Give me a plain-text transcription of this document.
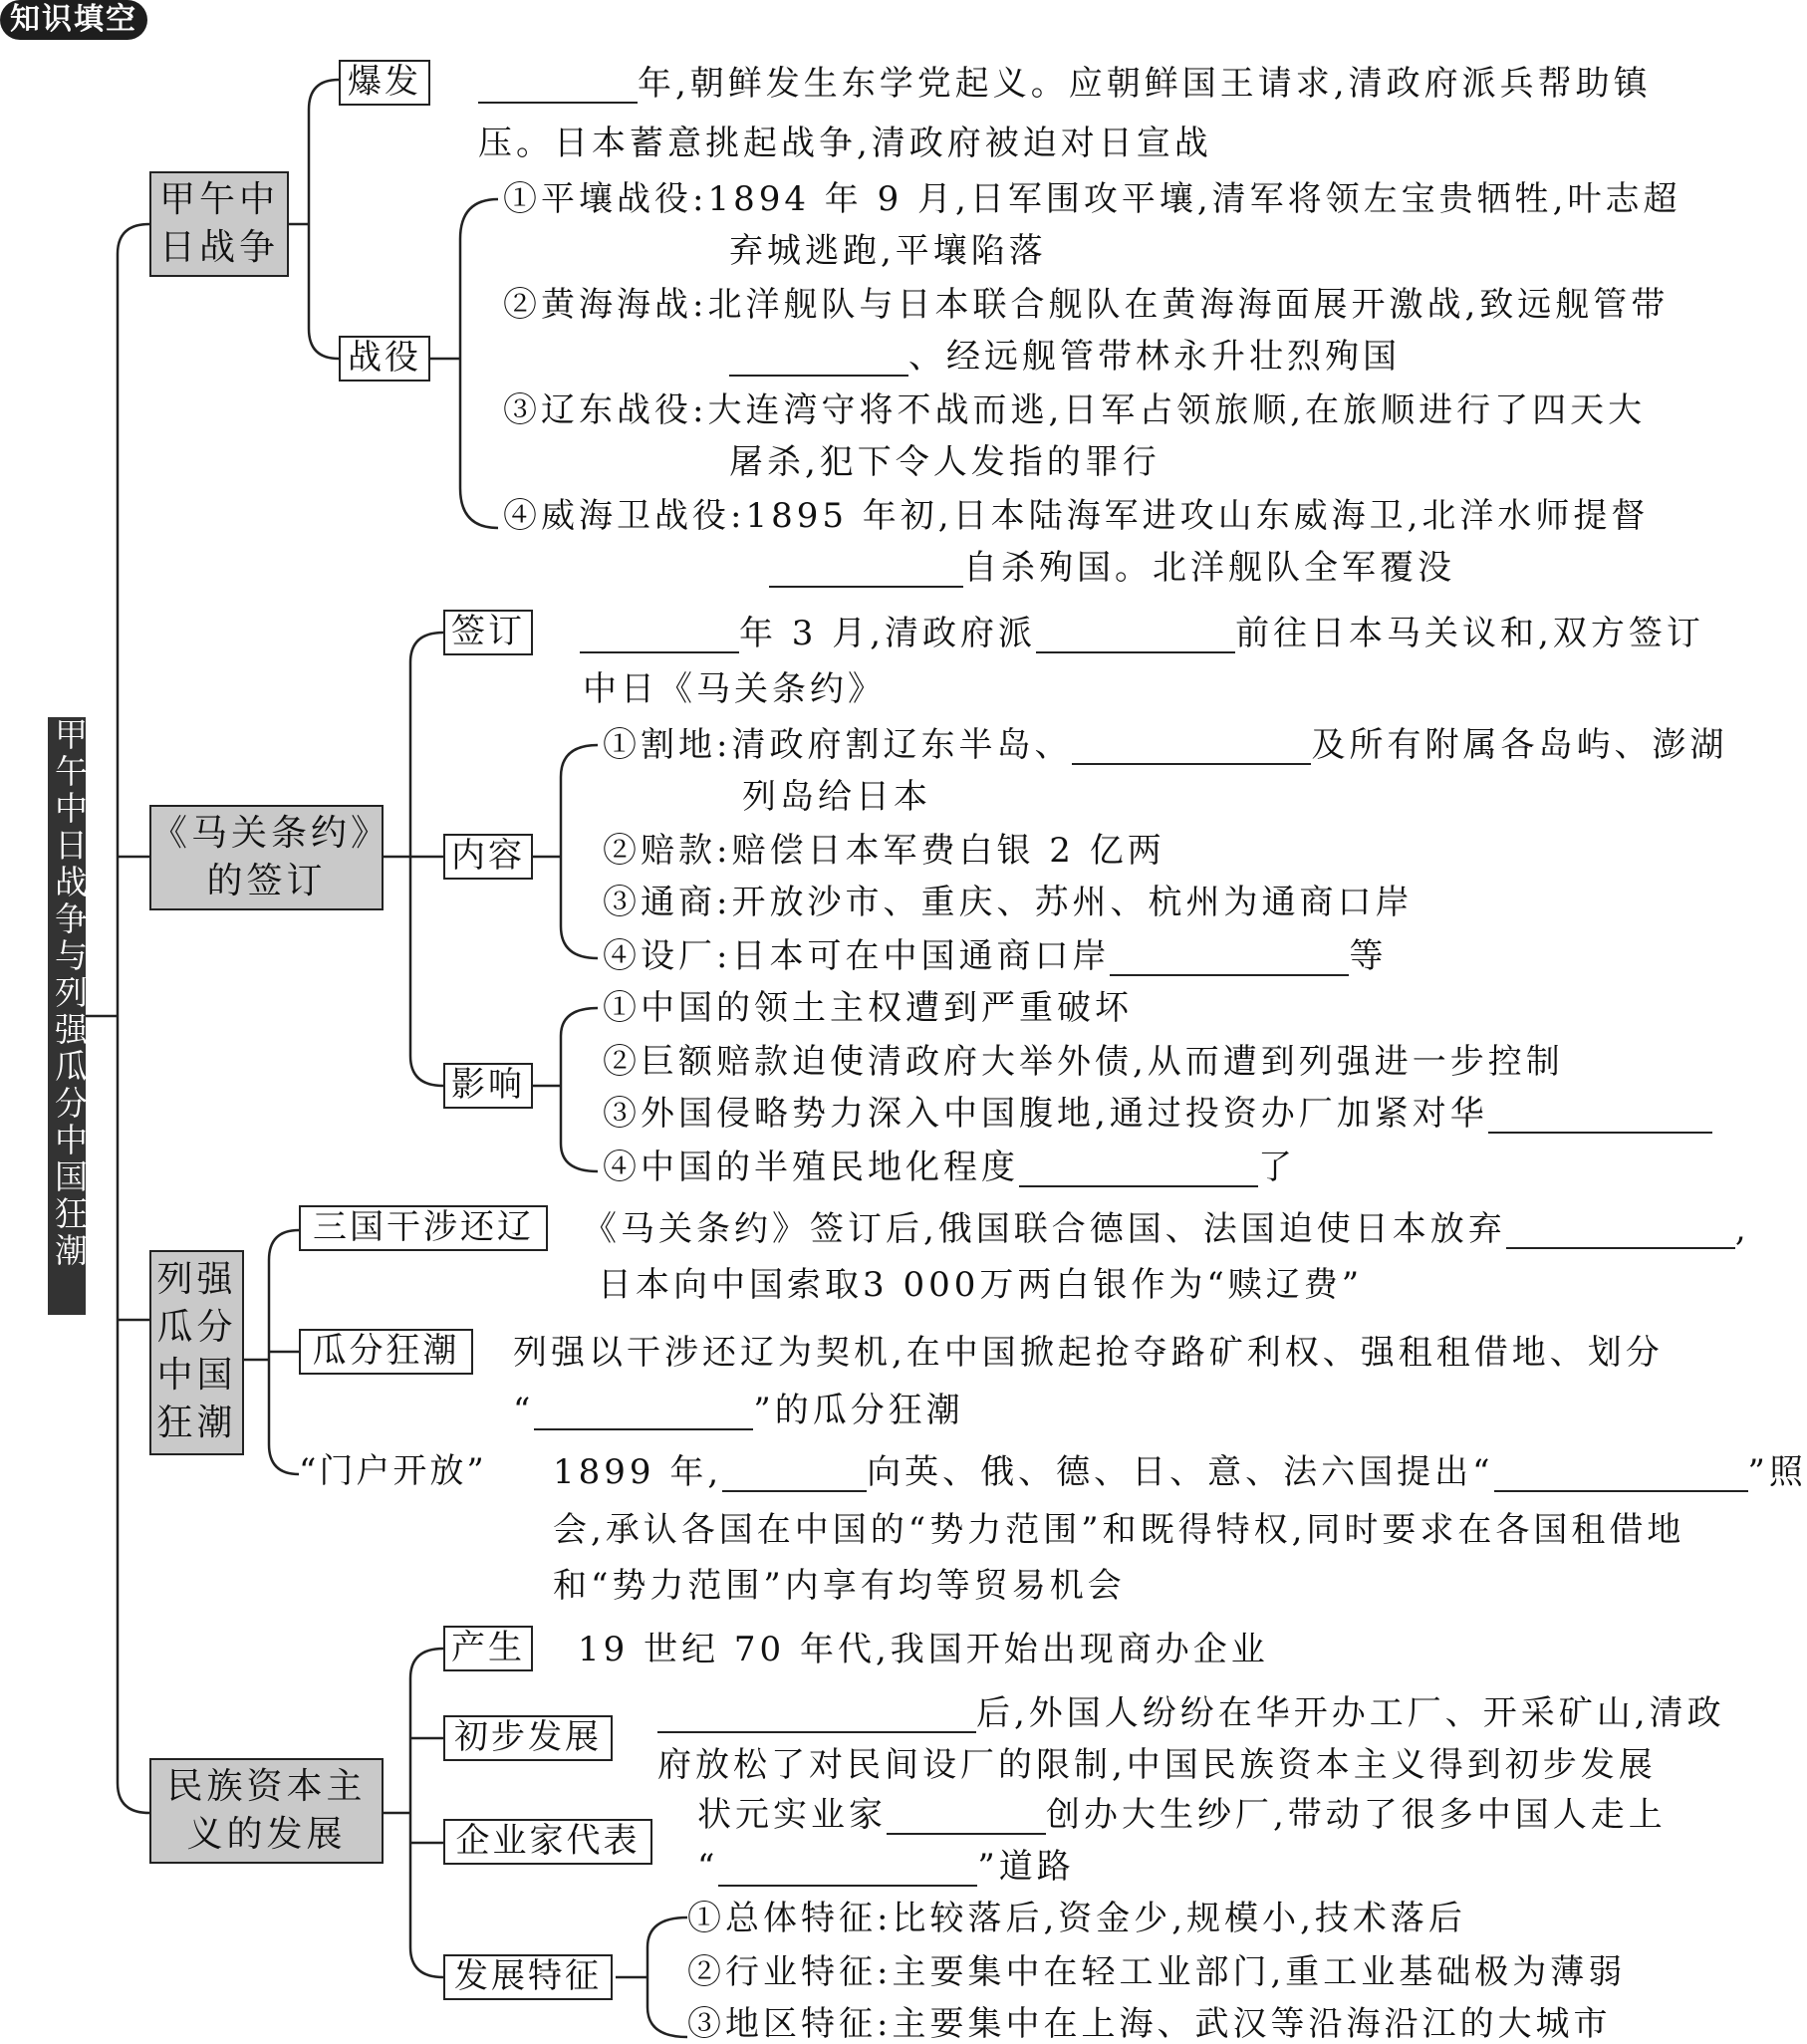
知识填空
甲午中日战争与列强瓜分中国狂潮
甲午中
日战争
爆发	年,朝鲜发生东学党起义。应朝鲜国王请求,清政府派兵帮助镇
压。日本蓄意挑起战争,清政府被迫对日宣战
战役
①平壤战役:1894 年 9 月,日军围攻平壤,清军将领左宝贵牺牲,叶志超
弃城逃跑,平壤陷落
②黄海海战:北洋舰队与日本联合舰队在黄海海面展开激战,致远舰管带
、经远舰管带林永升壮烈殉国
③辽东战役:大连湾守将不战而逃,日军占领旅顺,在旅顺进行了四天大
屠杀,犯下令人发指的罪行
④威海卫战役:1895 年初,日本陆海军进攻山东威海卫,北洋水师提督
自杀殉国。北洋舰队全军覆没
《马关条约》
的签订
签订	年 3 月,清政府派	前往日本马关议和,双方签订
中日《马关条约》
内容
①割地:清政府割辽东半岛、	及所有附属各岛屿、澎湖
列岛给日本
②赔款:赔偿日本军费白银 2 亿两
③通商:开放沙市、重庆、苏州、杭州为通商口岸
④设厂:日本可在中国通商口岸	等
影响
①中国的领土主权遭到严重破坏
②巨额赔款迫使清政府大举外债,从而遭到列强进一步控制
③外国侵略势力深入中国腹地,通过投资办厂加紧对华
④中国的半殖民地化程度	了
列强
瓜分
中国
狂潮
三国干涉还辽	《马关条约》签订后,俄国联合德国、法国迫使日本放弃	,
日本向中国索取3 000万两白银作为“赎辽费”
瓜分狂潮	列强以干涉还辽为契机,在中国掀起抢夺路矿利权、强租租借地、划分
“	”的瓜分狂潮
“门户开放”	1899 年,	向英、俄、德、日、意、法六国提出“	”照
会,承认各国在中国的“势力范围”和既得特权,同时要求在各国租借地
和“势力范围”内享有均等贸易机会
民族资本主
义的发展
产生 19 世纪 70 年代,我国开始出现商办企业
初步发展
后,外国人纷纷在华开办工厂、开采矿山,清政
府放松了对民间设厂的限制,中国民族资本主义得到初步发展
企业家代表
状元实业家	创办大生纱厂,带动了很多中国人走上
“	”道路
发展特征
①总体特征:比较落后,资金少,规模小,技术落后
②行业特征:主要集中在轻工业部门,重工业基础极为薄弱
③地区特征:主要集中在上海、武汉等沿海沿江的大城市
